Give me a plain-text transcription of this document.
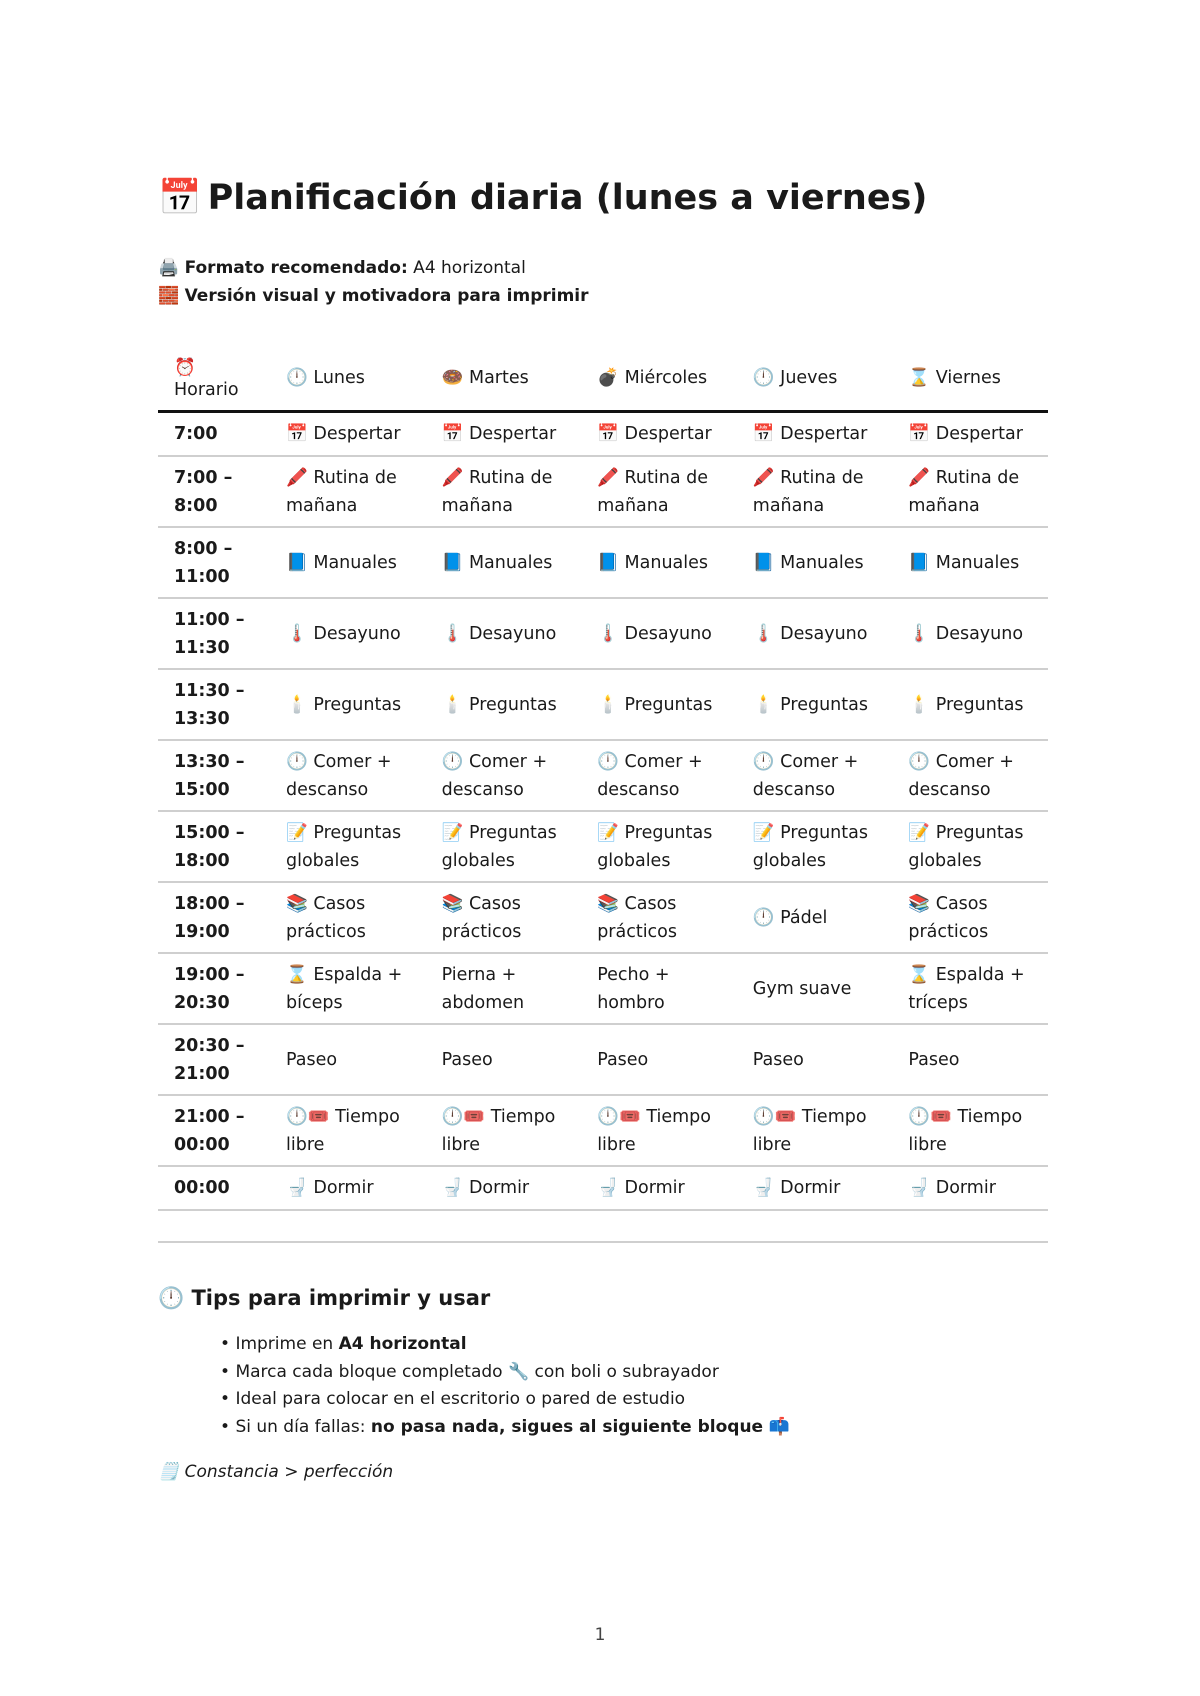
📅 Planificación diaria (lunes a viernes)
🖨️ Formato recomendado: A4 horizontal
🧱 Versión visual y motivadora para imprimir
⏰
Horario	🕛 Lunes	🍩 Martes	💣 Miércoles	🕛 Jueves	⌛ Viernes
7:00	📅 Despertar	📅 Despertar	📅 Despertar	📅 Despertar	📅 Despertar
7:00 – 8:00	🖍️ Rutina de mañana	🖍️ Rutina de mañana	🖍️ Rutina de mañana	🖍️ Rutina de mañana	🖍️ Rutina de mañana
8:00 – 11:00	📘 Manuales	📘 Manuales	📘 Manuales	📘 Manuales	📘 Manuales
11:00 – 11:30	🌡️ Desayuno	🌡️ Desayuno	🌡️ Desayuno	🌡️ Desayuno	🌡️ Desayuno
11:30 – 13:30	🕯️ Preguntas	🕯️ Preguntas	🕯️ Preguntas	🕯️ Preguntas	🕯️ Preguntas
13:30 – 15:00	🕛 Comer + descanso	🕛 Comer + descanso	🕛 Comer + descanso	🕛 Comer + descanso	🕛 Comer + descanso
15:00 – 18:00	📝 Preguntas globales	📝 Preguntas globales	📝 Preguntas globales	📝 Preguntas globales	📝 Preguntas globales
18:00 – 19:00	📚 Casos prácticos	📚 Casos prácticos	📚 Casos prácticos	🕛 Pádel	📚 Casos prácticos
19:00 – 20:30	⌛ Espalda + bíceps	Pierna + abdomen	Pecho + hombro	Gym suave	⌛ Espalda + tríceps
20:30 – 21:00	Paseo	Paseo	Paseo	Paseo	Paseo
21:00 – 00:00	🕛🎟️ Tiempo libre	🕛🎟️ Tiempo libre	🕛🎟️ Tiempo libre	🕛🎟️ Tiempo libre	🕛🎟️ Tiempo libre
00:00	🚽 Dormir	🚽 Dormir	🚽 Dormir	🚽 Dormir	🚽 Dormir
🕛 Tips para imprimir y usar
• Imprime en A4 horizontal
• Marca cada bloque completado 🔧 con boli o subrayador
• Ideal para colocar en el escritorio o pared de estudio
• Si un día fallas: no pasa nada, sigues al siguiente bloque 📫
🗒️ Constancia > perfección
1
